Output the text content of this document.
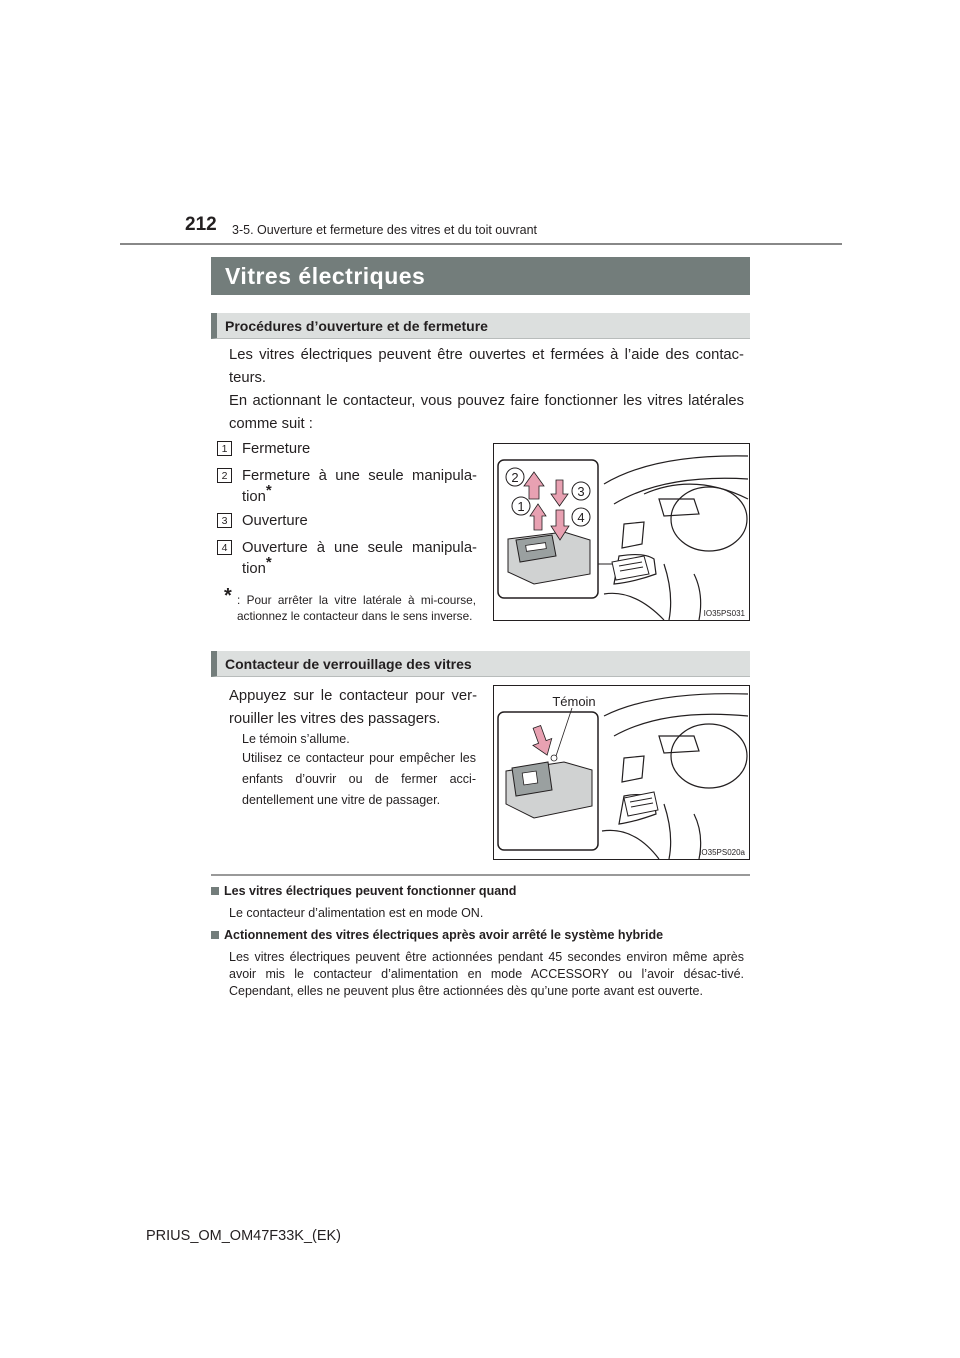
212 3-5. Ouverture et fermeture des vitres et du toit ouvrant
Vitres électriques
Procédures d’ouverture et de fermeture
Les vitres électriques peuvent être ouvertes et fermées à l’aide des contac-teurs.
En actionnant le contacteur, vous pouvez faire fonctionner les vitres latérales comme suit :
1 Fermeture
2 Fermeture à une seule manipula-tion*
3 Ouverture
4 Ouverture à une seule manipula-tion*
* : Pour arrêter la vitre latérale à mi-course, actionnez le contacteur dans le sens inverse.
2
3
1
4
IO35PS031
Contacteur de verrouillage des vitres
Appuyez sur le contacteur pour ver-rouiller les vitres des passagers.
Le témoin s’allume.
Utilisez ce contacteur pour empêcher les enfants d’ouvrir ou de fermer acci-dentellement une vitre de passager.
Témoin
IO35PS020a
Les vitres électriques peuvent fonctionner quand
Le contacteur d’alimentation est en mode ON.
Actionnement des vitres électriques après avoir arrêté le système hybride
Les vitres électriques peuvent être actionnées pendant 45 secondes environ même après avoir mis le contacteur d’alimentation en mode ACCESSORY ou l’avoir désac-tivé. Cependant, elles ne peuvent plus être actionnées dès qu’une porte avant est ouverte.
PRIUS_OM_OM47F33K_(EK)
